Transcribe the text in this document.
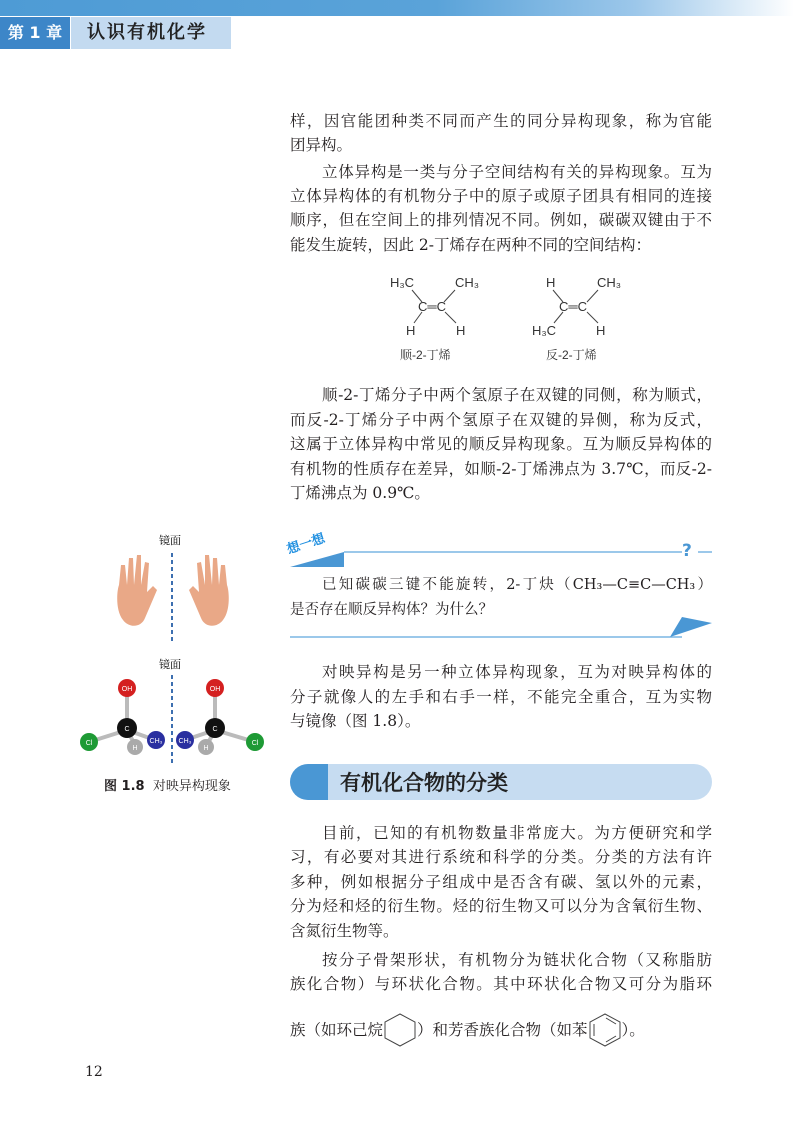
第 1 章	认识有机化学
样，因官能团种类不同而产生的同分异构现象，称为官能
团异构。
立体异构是一类与分子空间结构有关的异构现象。互为
立体异构体的有机物分子中的原子或原子团具有相同的连接
顺序，但在空间上的排列情况不同。例如，碳碳双键由于不
能发生旋转，因此 2-丁烯存在两种不同的空间结构：
H₃C	CH₃
C═C
H	H
顺-2-丁烯
H	CH₃
C═C
H₃C	H
反-2-丁烯
顺-2-丁烯分子中两个氢原子在双键的同侧，称为顺式，
而反-2-丁烯分子中两个氢原子在双键的异侧，称为反式，
这属于立体异构中常见的顺反异构现象。互为顺反异构体的
有机物的性质存在差异，如顺-2-丁烯沸点为 3.7℃，而反-2-
丁烯沸点为 0.9℃。
想一想	?
已知碳碳三键不能旋转，2-丁炔（CH₃—C≡C—CH₃）
是否存在顺反异构体？为什么？
对映异构是另一种立体异构现象，互为对映异构体的
分子就像人的左手和右手一样，不能完全重合，互为实物
与镜像（图 1.8）。
镜面
镜面
OH
C
Cl
H
CH₃
OH
C
Cl
H
CH₃
图 1.8 对映异构现象	有机化合物的分类
目前，已知的有机物数量非常庞大。为方便研究和学
习，有必要对其进行系统和科学的分类。分类的方法有许
多种，例如根据分子组成中是否含有碳、氢以外的元素，
分为烃和烃的衍生物。烃的衍生物又可以分为含氧衍生物、
含氮衍生物等。
按分子骨架形状，有机物分为链状化合物（又称脂肪
族化合物）与环状化合物。其中环状化合物又可分为脂环
族（如环己烷 ）和芳香族化合物（如苯 ）。
12
